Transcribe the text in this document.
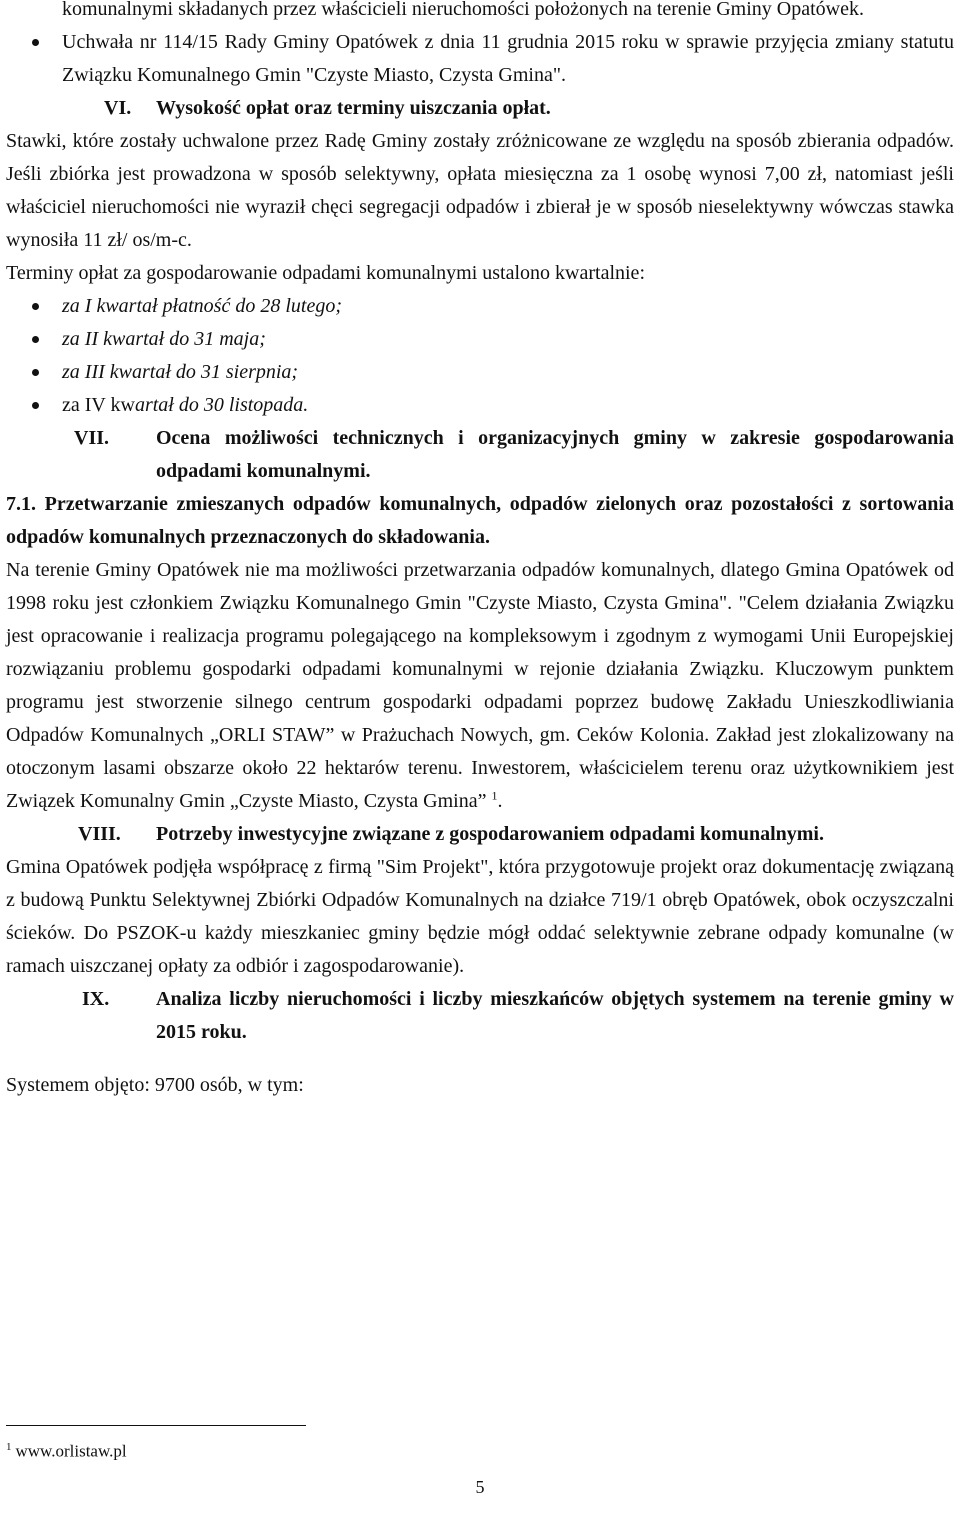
komunalnymi składanych przez właścicieli nieruchomości położonych na terenie Gminy Opatówek.

Uchwała nr 114/15 Rady Gminy Opatówek z dnia 11 grudnia 2015 roku w sprawie przyjęcia zmiany statutu Związku Komunalnego Gmin "Czyste Miasto, Czysta Gmina".
VI.	Wysokość opłat oraz terminy uiszczania opłat.

Stawki, które zostały uchwalone przez Radę Gminy zostały zróżnicowane ze względu na sposób zbierania odpadów. Jeśli zbiórka jest prowadzona w sposób selektywny, opłata miesięczna za 1 osobę wynosi 7,00 zł, natomiast jeśli właściciel nieruchomości nie wyraził chęci segregacji odpadów i zbierał je w sposób nieselektywny wówczas stawka wynosiła 11 zł/ os/m-c.

Terminy opłat za gospodarowanie odpadami komunalnymi ustalono kwartalnie:

za I kwartał płatność do 28 lutego;
za II kwartał do 31 maja;
za III kwartał do 31 sierpnia;
za IV kwartał do 30 listopada.
VII.	Ocena możliwości technicznych i organizacyjnych gminy w zakresie gospodarowania odpadami komunalnymi.

7.1. Przetwarzanie zmieszanych odpadów komunalnych, odpadów zielonych oraz pozostałości z sortowania odpadów komunalnych przeznaczonych do składowania.

Na terenie Gminy Opatówek nie ma możliwości przetwarzania odpadów komunalnych, dlatego Gmina Opatówek od 1998 roku jest członkiem Związku Komunalnego Gmin "Czyste Miasto, Czysta Gmina". "Celem działania Związku jest opracowanie i realizacja programu polegającego na kompleksowym i zgodnym z wymogami Unii Europejskiej rozwiązaniu problemu gospodarki odpadami komunalnymi w rejonie działania Związku. Kluczowym punktem programu jest stworzenie silnego centrum gospodarki odpadami poprzez budowę Zakładu Unieszkodliwiania Odpadów Komunalnych „ORLI STAW” w Prażuchach Nowych, gm. Ceków Kolonia. Zakład jest zlokalizowany na otoczonym lasami obszarze około 22 hektarów terenu. Inwestorem, właścicielem terenu oraz użytkownikiem jest Związek Komunalny Gmin „Czyste Miasto, Czysta Gmina” $^1$.

VIII.	Potrzeby inwestycyjne związane z gospodarowaniem odpadami komunalnymi.

Gmina Opatówek podjęła współpracę z firmą "Sim Projekt", która przygotowuje projekt oraz dokumentację związaną z budową Punktu Selektywnej Zbiórki Odpadów Komunalnych na działce 719/1 obręb Opatówek, obok oczyszczalni ścieków. Do PSZOK-u każdy mieszkaniec gminy będzie mógł oddać selektywnie zebrane odpady komunalne (w ramach uiszczanej opłaty za odbiór i zagospodarowanie).

IX.	Analiza liczby nieruchomości i liczby mieszkańców objętych systemem na terenie gminy w 2015 roku.

Systemem objęto: 9700 osób, w tym:

$^1$ www.orlistaw.pl
5
